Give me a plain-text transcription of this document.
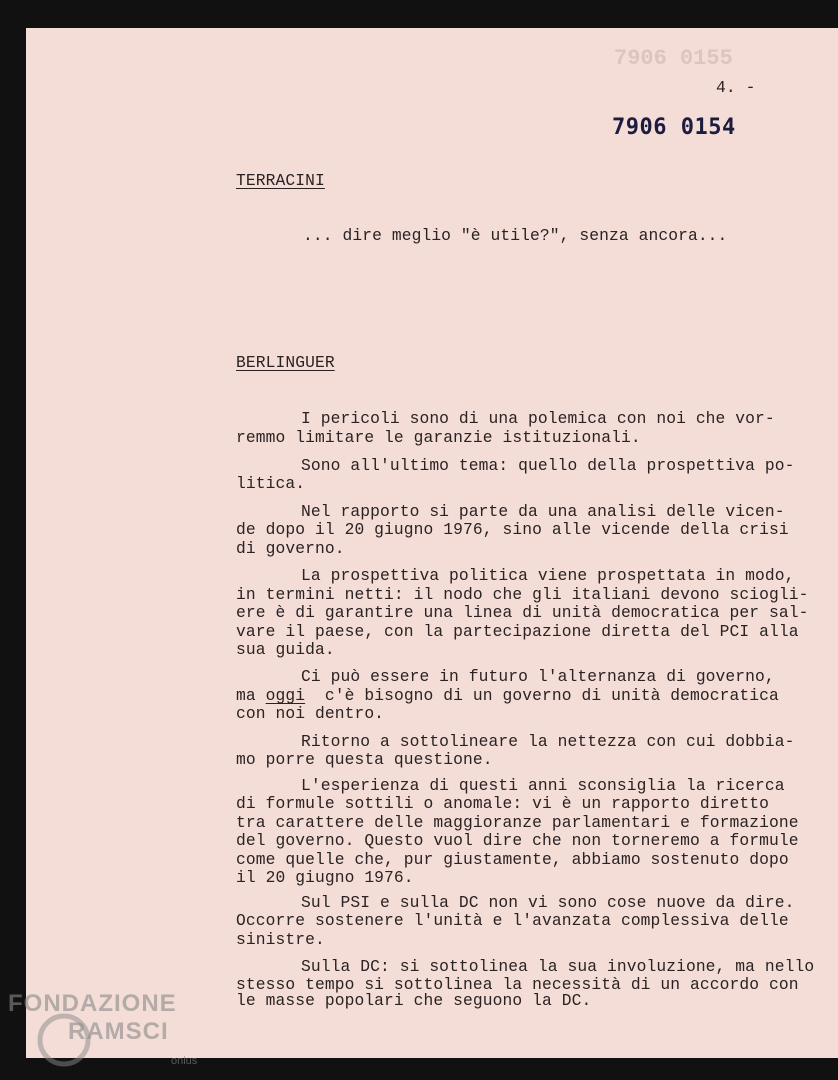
7906 0155
4. -
7906 0154
TERRACINI
... dire meglio "è utile?", senza ancora...
BERLINGUER
I pericoli sono di una polemica con noi che vor-
remmo limitare le garanzie istituzionali.
Sono all'ultimo tema: quello della prospettiva po-
litica.
Nel rapporto si parte da una analisi delle vicen-
de dopo il 20 giugno 1976, sino alle vicende della crisi
di governo.
La prospettiva politica viene prospettata in modo,
in termini netti: il nodo che gli italiani devono sciogli-
ere è di garantire una linea di unità democratica per sal-
vare il paese, con la partecipazione diretta del PCI alla
sua guida.
Ci può essere in futuro l'alternanza di governo,
ma oggi  c'è bisogno di un governo di unità democratica
con noi dentro.
Ritorno a sottolineare la nettezza con cui dobbia-
mo porre questa questione.
L'esperienza di questi anni sconsiglia la ricerca
di formule sottili o anomale: vi è un rapporto diretto
tra carattere delle maggioranze parlamentari e formazione
del governo. Questo vuol dire che non torneremo a formule
come quelle che, pur giustamente, abbiamo sostenuto dopo
il 20 giugno 1976.
Sul PSI e sulla DC non vi sono cose nuove da dire.
Occorre sostenere l'unità e l'avanzata complessiva delle
sinistre.
Sulla DC: si sottolinea la sua involuzione, ma nello
stesso tempo si sottolinea la necessità di un accordo con
le masse popolari che seguono la DC.
FONDAZIONE
RAMSCI
onlus
